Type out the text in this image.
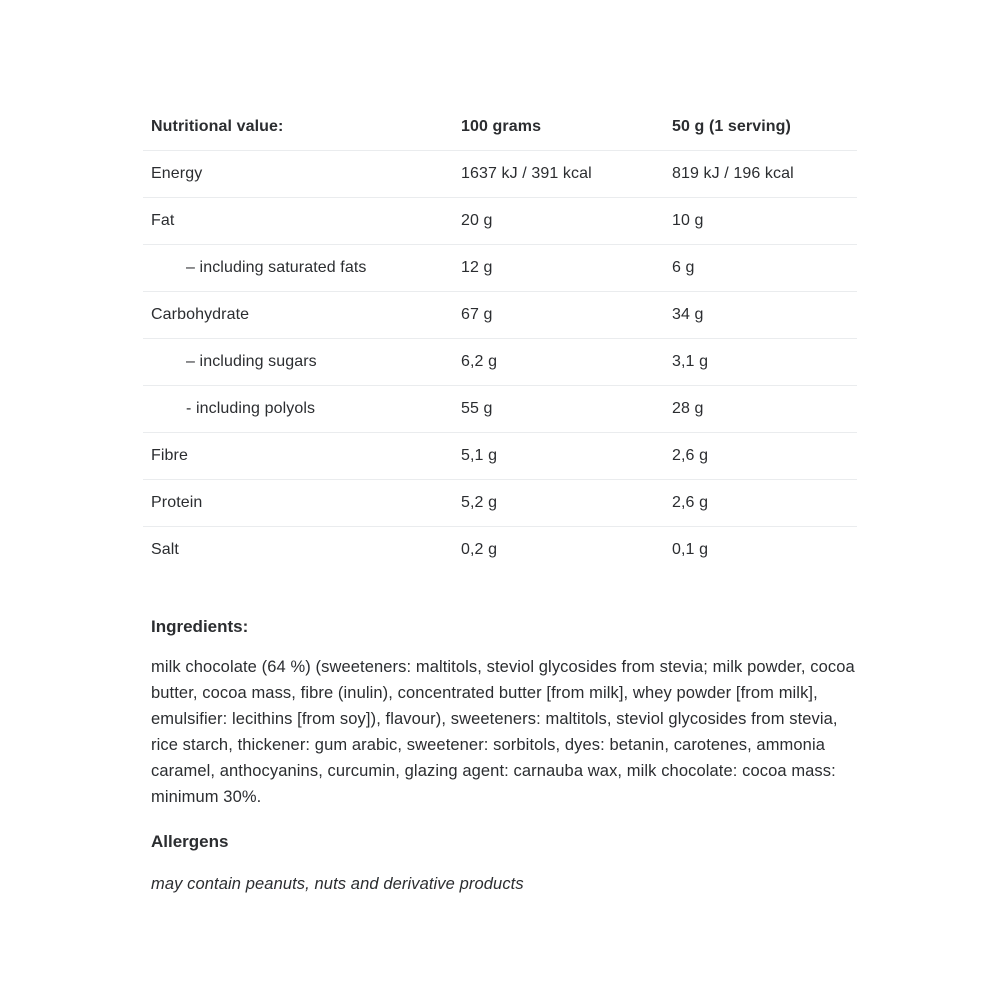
Nutritional value:	100 grams	50 g (1 serving)
Energy	1637 kJ / 391 kcal	819 kJ / 196 kcal
Fat	20 g	10 g
– including saturated fats	12 g	6 g
Carbohydrate	67 g	34 g
– including sugars	6,2 g	3,1 g
- including polyols	55 g	28 g
Fibre	5,1 g	2,6 g
Protein	5,2 g	2,6 g
Salt	0,2 g	0,1 g
Ingredients:

milk chocolate (64 %) (sweeteners: maltitols, steviol glycosides from stevia; milk powder, cocoa butter, cocoa mass, fibre (inulin), concentrated butter [from milk], whey powder [from milk], emulsifier: lecithins [from soy]), flavour), sweeteners: maltitols, steviol glycosides from stevia, rice starch, thickener: gum arabic, sweetener: sorbitols, dyes: betanin, carotenes, ammonia caramel, anthocyanins, curcumin, glazing agent: carnauba wax, milk chocolate: cocoa mass: minimum 30%.

Allergens

may contain peanuts, nuts and derivative products
